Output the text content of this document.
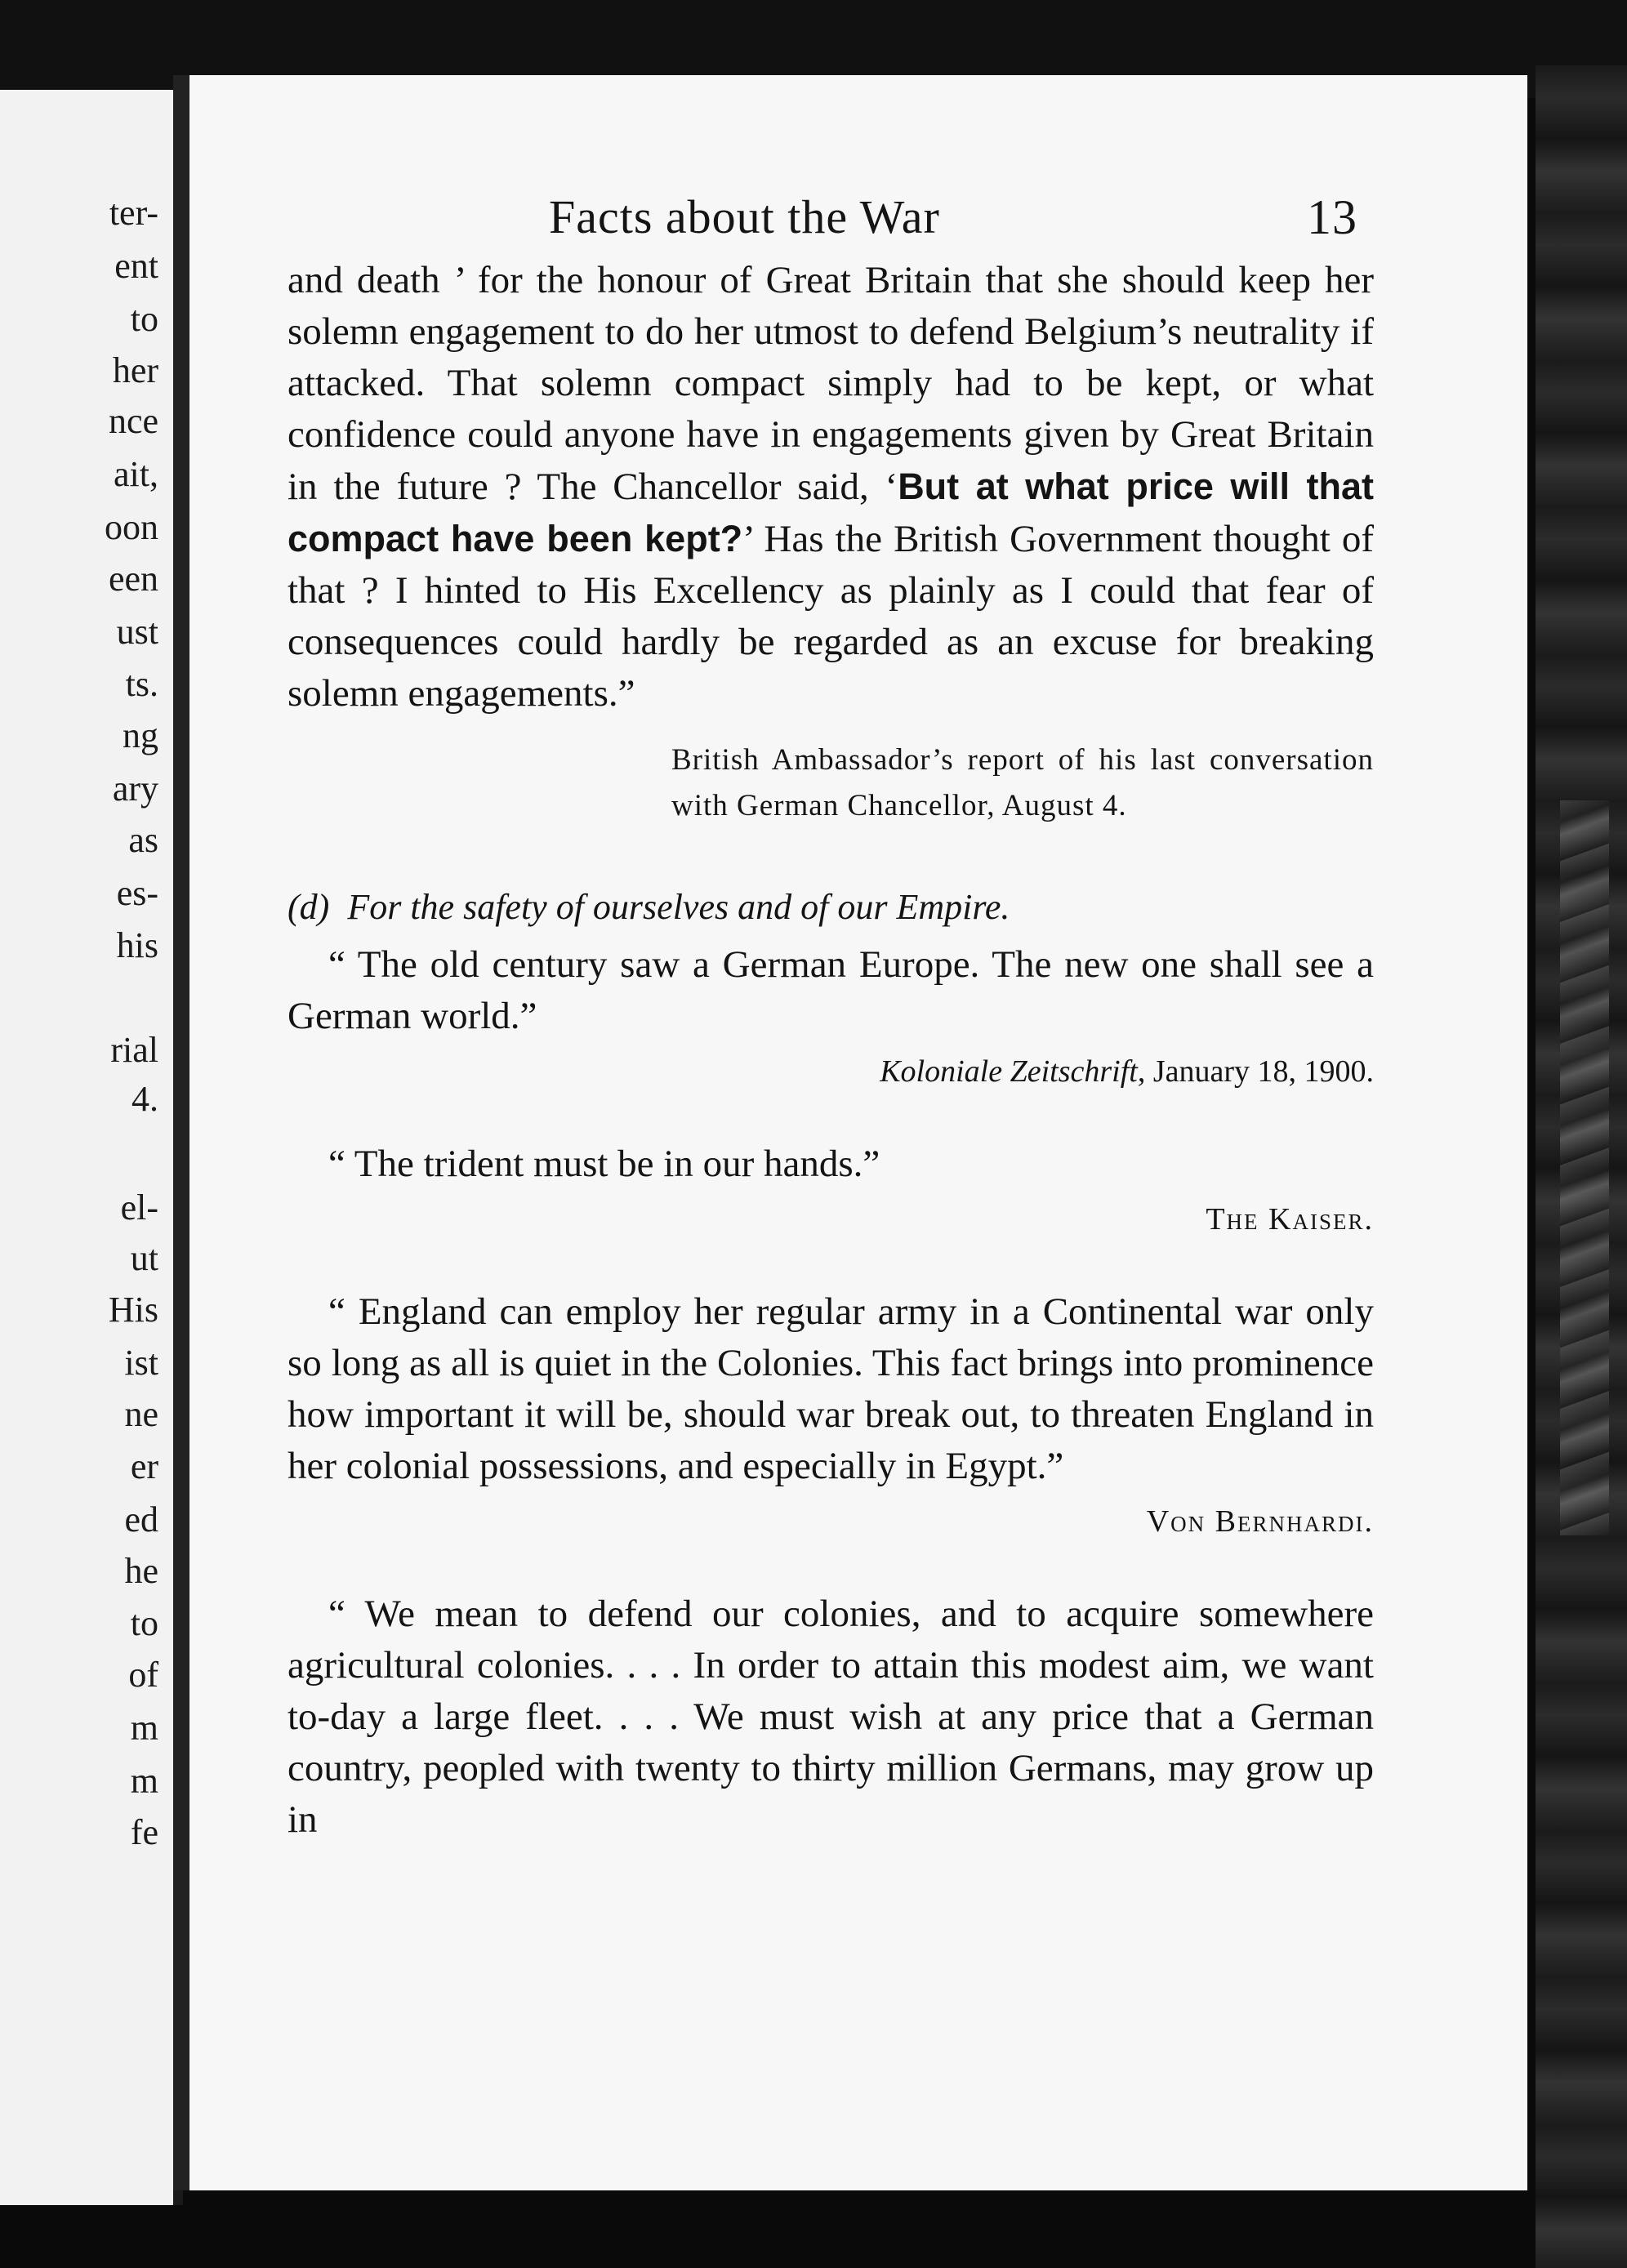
ter-
ent
to
her
nce
ait,
oon
een
ust
ts.
ng
ary
as
es-
his
rial
4.
el-
ut
His
ist
ne
er
ed
he
to
of
m
m
fe
Facts about the War	13

and death ’ for the honour of Great Britain that she should keep her solemn engagement to do her utmost to defend Belgium’s neutrality if attacked. That solemn compact simply had to be kept, or what confidence could anyone have in engagements given by Great Britain in the future ? The Chancellor said, ‘But at what price will that compact have been kept?’ Has the British Government thought of that ? I hinted to His Excellency as plainly as I could that fear of consequences could hardly be regarded as an excuse for breaking solemn engagements.”

British Ambassador’s report of his last conversation with German Chancellor, August 4.

(d) For the safety of ourselves and of our Empire.

“ The old century saw a German Europe. The new one shall see a German world.”

Koloniale Zeitschrift, January 18, 1900.

“ The trident must be in our hands.”

The Kaiser.

“ England can employ her regular army in a Continental war only so long as all is quiet in the Colonies. This fact brings into prominence how important it will be, should war break out, to threaten England in her colonial possessions, and especially in Egypt.”

Von Bernhardi.

“ We mean to defend our colonies, and to acquire somewhere agricultural colonies. . . . In order to attain this modest aim, we want to-day a large fleet. . . . We must wish at any price that a German country, peopled with twenty to thirty million Germans, may grow up in
